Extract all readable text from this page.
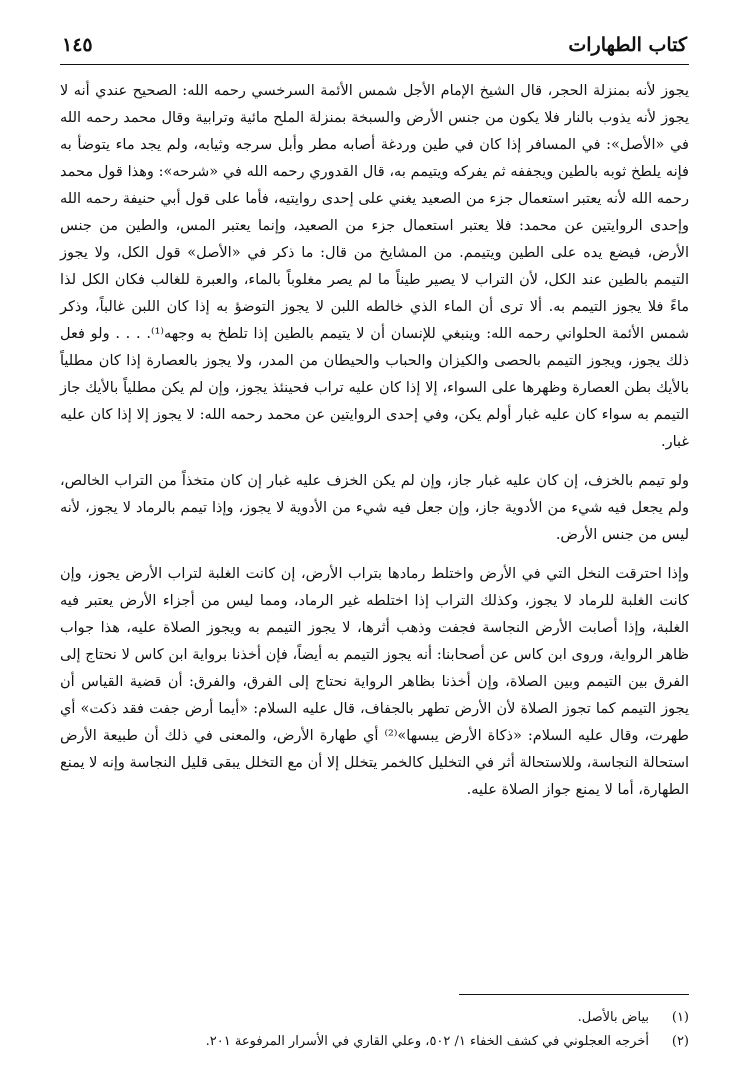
كتاب الطهارات
١٤٥

يجوز لأنه بمنزلة الحجر، قال الشيخ الإمام الأجل شمس الأئمة السرخسي رحمه الله: الصحيح عندي أنه لا يجوز لأنه يذوب بالنار فلا يكون من جنس الأرض والسبخة بمنزلة الملح مائية وترابية وقال محمد رحمه الله في «الأصل»: في المسافر إذا كان في طين وردغة أصابه مطر وأبل سرجه وثيابه، ولم يجد ماء يتوضأ به فإنه يلطخ ثوبه بالطين ويجففه ثم يفركه ويتيمم به، قال القدوري رحمه الله في «شرحه»: وهذا قول محمد رحمه الله لأنه يعتبر استعمال جزء من الصعيد يغني على إحدى روايتيه، فأما على قول أبي حنيفة رحمه الله وإحدى الروايتين عن محمد: فلا يعتبر استعمال جزء من الصعيد، وإنما يعتبر المس، والطين من جنس الأرض، فيضع يده على الطين ويتيمم. من المشايخ من قال: ما ذكر في «الأصل» قول الكل، ولا يجوز التيمم بالطين عند الكل، لأن التراب لا يصير طيناً ما لم يصر مغلوباً بالماء، والعبرة للغالب فكان الكل لذا ماءً فلا يجوز التيمم به. ألا ترى أن الماء الذي خالطه اللبن لا يجوز التوضؤ به إذا كان اللبن غالباً، وذكر شمس الأئمة الحلواني رحمه الله: وينبغي للإنسان أن لا يتيمم بالطين إذا تلطخ به وجهه⁽¹⁾. . . . ولو فعل ذلك يجوز، ويجوز التيمم بالحصى والكيزان والحباب والحيطان من المدر، ولا يجوز بالعصارة إذا كان مطلياً بالأيك بطن العصارة وظهرها على السواء، إلا إذا كان عليه تراب فحينئذ يجوز، وإن لم يكن مطلياً بالأيك جاز التيمم به سواء كان عليه غبار أولم يكن، وفي إحدى الروايتين عن محمد رحمه الله: لا يجوز إلا إذا كان عليه غبار.

ولو تيمم بالخزف، إن كان عليه غبار جاز، وإن لم يكن الخزف عليه غبار إن كان متخذاً من التراب الخالص، ولم يجعل فيه شيء من الأدوية جاز، وإن جعل فيه شيء من الأدوية لا يجوز، وإذا تيمم بالرماد لا يجوز، لأنه ليس من جنس الأرض.

وإذا احترقت النخل التي في الأرض واختلط رمادها بتراب الأرض، إن كانت الغلبة لتراب الأرض يجوز، وإن كانت الغلبة للرماد لا يجوز، وكذلك التراب إذا اختلطه غير الرماد، ومما ليس من أجزاء الأرض يعتبر فيه الغلبة، وإذا أصابت الأرض النجاسة فجفت وذهب أثرها، لا يجوز التيمم به ويجوز الصلاة عليه، هذا جواب ظاهر الرواية، وروى ابن كاس عن أصحابنا: أنه يجوز التيمم به أيضاً، فإن أخذنا برواية ابن كاس لا نحتاج إلى الفرق بين التيمم وبين الصلاة، وإن أخذنا بظاهر الرواية نحتاج إلى الفرق، والفرق: أن قضية القياس أن يجوز التيمم كما تجوز الصلاة لأن الأرض تطهر بالجفاف، قال عليه السلام: «أيما أرض جفت فقد ذكت» أي طهرت، وقال عليه السلام: «ذكاة الأرض يبسها»⁽²⁾ أي طهارة الأرض، والمعنى في ذلك أن طبيعة الأرض استحالة النجاسة، وللاستحالة أثر في التخليل كالخمر يتخلل إلا أن مع التخلل يبقى قليل النجاسة وإنه لا يمنع الطهارة، أما لا يمنع جواز الصلاة عليه.

(١)
بياض بالأصل.
(٢)
أخرجه العجلوني في كشف الخفاء ١/ ٥٠٢، وعلي القاري في الأسرار المرفوعة ٢٠١.
